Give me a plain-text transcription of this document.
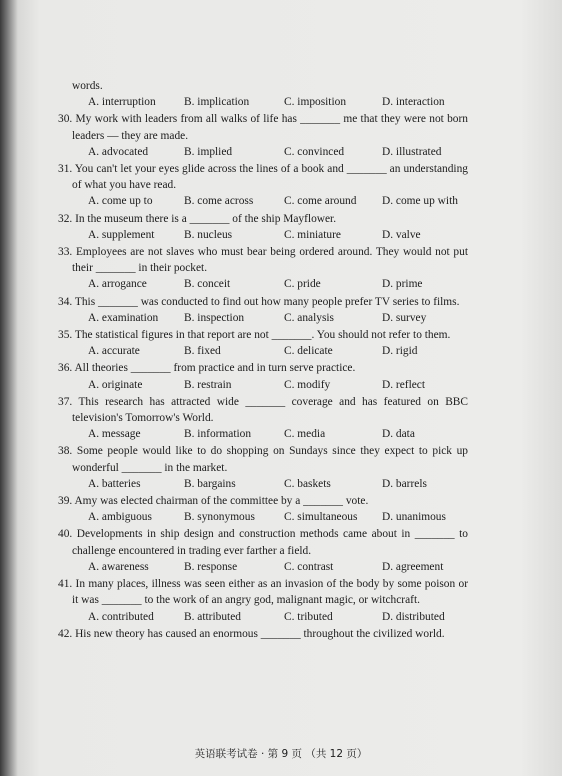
words.

A. interruption	B. implication	C. imposition	D. interaction

30. My work with leaders from all walks of life has _______ me that they were not born leaders — they are made.

A. advocated	B. implied	C. convinced	D. illustrated

31. You can't let your eyes glide across the lines of a book and _______ an understanding of what you have read.

A. come up to	B. come across	C. come around	D. come up with

32. In the museum there is a _______ of the ship Mayflower.

A. supplement	B. nucleus	C. miniature	D. valve

33. Employees are not slaves who must bear being ordered around. They would not put their _______ in their pocket.

A. arrogance	B. conceit	C. pride	D. prime

34. This _______ was conducted to find out how many people prefer TV series to films.

A. examination	B. inspection	C. analysis	D. survey

35. The statistical figures in that report are not _______. You should not refer to them.

A. accurate	B. fixed	C. delicate	D. rigid

36. All theories _______ from practice and in turn serve practice.

A. originate	B. restrain	C. modify	D. reflect

37. This research has attracted wide _______ coverage and has featured on BBC television's Tomorrow's World.

A. message	B. information	C. media	D. data

38. Some people would like to do shopping on Sundays since they expect to pick up wonderful _______ in the market.

A. batteries	B. bargains	C. baskets	D. barrels

39. Amy was elected chairman of the committee by a _______ vote.

A. ambiguous	B. synonymous	C. simultaneous	D. unanimous

40. Developments in ship design and construction methods came about in _______ to challenge encountered in trading ever farther a field.

A. awareness	B. response	C. contrast	D. agreement

41. In many places, illness was seen either as an invasion of the body by some poison or it was _______ to the work of an angry god, malignant magic, or witchcraft.

A. contributed	B. attributed	C. tributed	D. distributed

42. His new theory has caused an enormous _______ throughout the civilized world.

英语联考试卷 · 第 9 页 （共 12 页）
